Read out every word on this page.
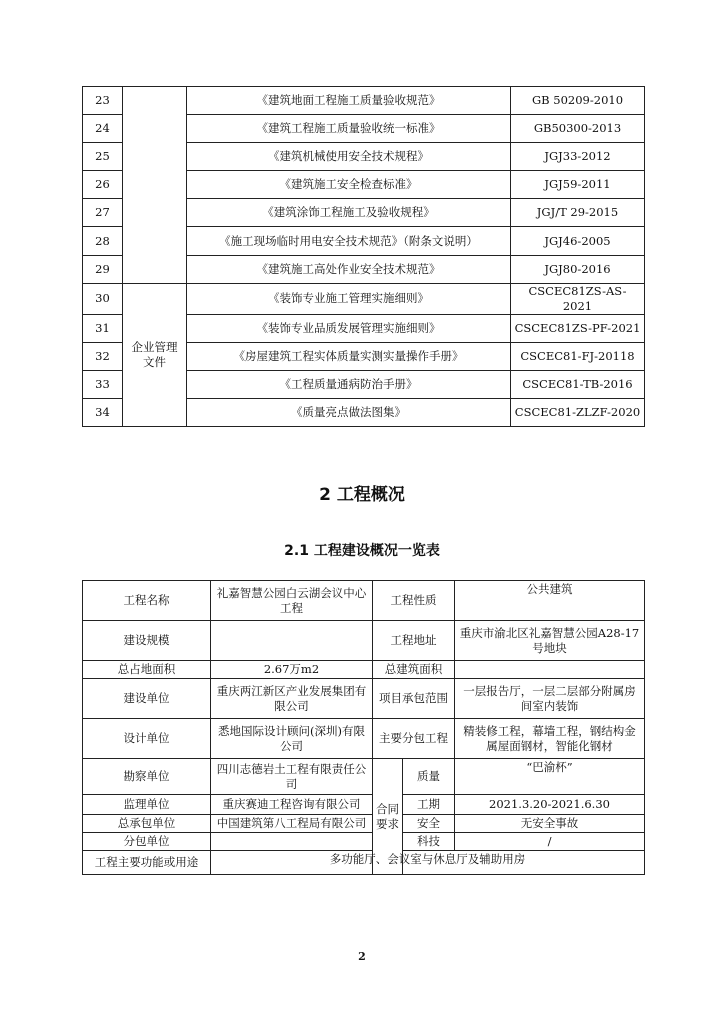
23		《建筑地面工程施工质量验收规范》	GB 50209-2010
24		《建筑工程施工质量验收统一标准》	GB50300-2013
25		《建筑机械使用安全技术规程》	JGJ33-2012
26		《建筑施工安全检查标准》	JGJ59-2011
27		《建筑涂饰工程施工及验收规程》	JGJ/T 29-2015
28		《施工现场临时用电安全技术规范》（附条文说明）	JGJ46-2005
29		《建筑施工高处作业安全技术规范》	JGJ80-2016
30	企业管理文件	《装饰专业施工管理实施细则》	CSCEC81ZS-AS-2021
31		《装饰专业品质发展管理实施细则》	CSCEC81ZS-PF-2021
32		《房屋建筑工程实体质量实测实量操作手册》	CSCEC81-FJ-20118
33		《工程质量通病防治手册》	CSCEC81-TB-2016
34		《质量亮点做法图集》	CSCEC81-ZLZF-2020
2 工程概况
2.1 工程建设概况一览表
工程名称	礼嘉智慧公园白云湖会议中心工程	工程性质		公共建筑
建设规模		工程地址		重庆市渝北区礼嘉智慧公园A28-17号地块
总占地面积	2.67万m2	总建筑面积		
建设单位	重庆两江新区产业发展集团有限公司	项目承包范围		一层报告厅，一层二层部分附属房间室内装饰
设计单位	悉地国际设计顾问(深圳)有限公司	主要分包工程		精装修工程，幕墙工程，钢结构金属屋面钢材，智能化钢材
勘察单位	四川志德岩土工程有限责任公司	合同要求	质量	“巴渝杯”
监理单位	重庆赛迪工程咨询有限公司		工期	2021.3.20-2021.6.30
总承包单位	中国建筑第八工程局有限公司		安全	无安全事故
分包单位			科技	/
工程主要功能或用途	多功能厅、会议室与休息厅及辅助用房			
2
